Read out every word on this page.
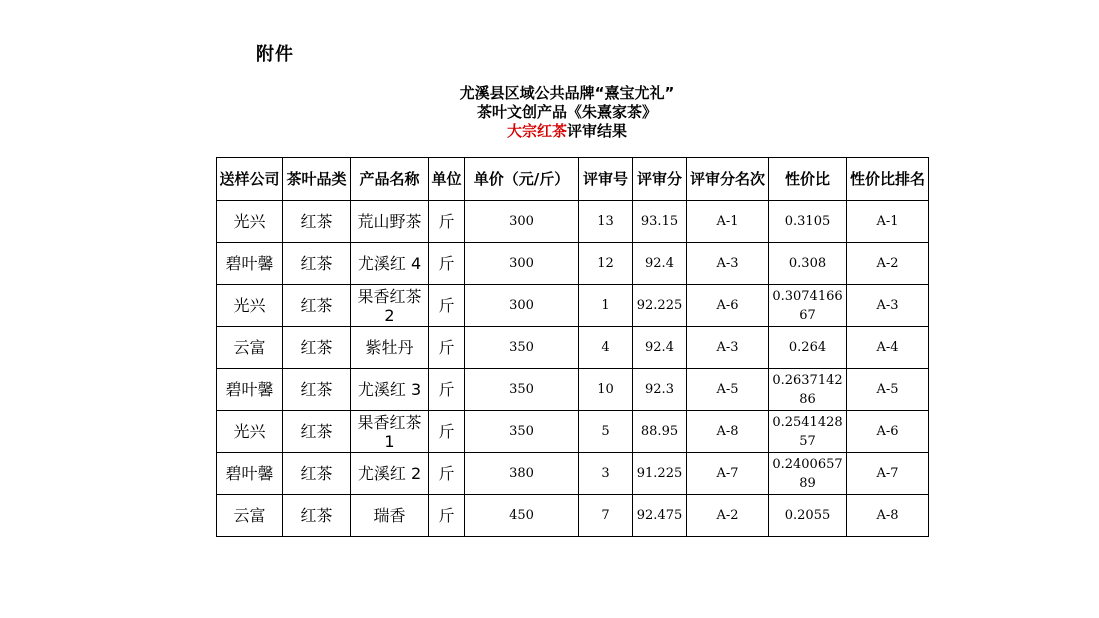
附件
尤溪县区域公共品牌“熹宝尤礼”
茶叶文创产品《朱熹家茶》
大宗红茶评审结果
送样公司	茶叶品类	产品名称	单位	单价（元/斤）	评审号	评审分	评审分名次	性价比	性价比排名
光兴	红茶	荒山野茶	斤	300	13	93.15	A-1	0.3105	A-1
碧叶馨	红茶	尤溪红 4	斤	300	12	92.4	A-3	0.308	A-2
光兴	红茶	果香红茶2	斤	300	1	92.225	A-6	0.307416667	A-3
云富	红茶	紫牡丹	斤	350	4	92.4	A-3	0.264	A-4
碧叶馨	红茶	尤溪红 3	斤	350	10	92.3	A-5	0.263714286	A-5
光兴	红茶	果香红茶1	斤	350	5	88.95	A-8	0.254142857	A-6
碧叶馨	红茶	尤溪红 2	斤	380	3	91.225	A-7	0.240065789	A-7
云富	红茶	瑞香	斤	450	7	92.475	A-2	0.2055	A-8
